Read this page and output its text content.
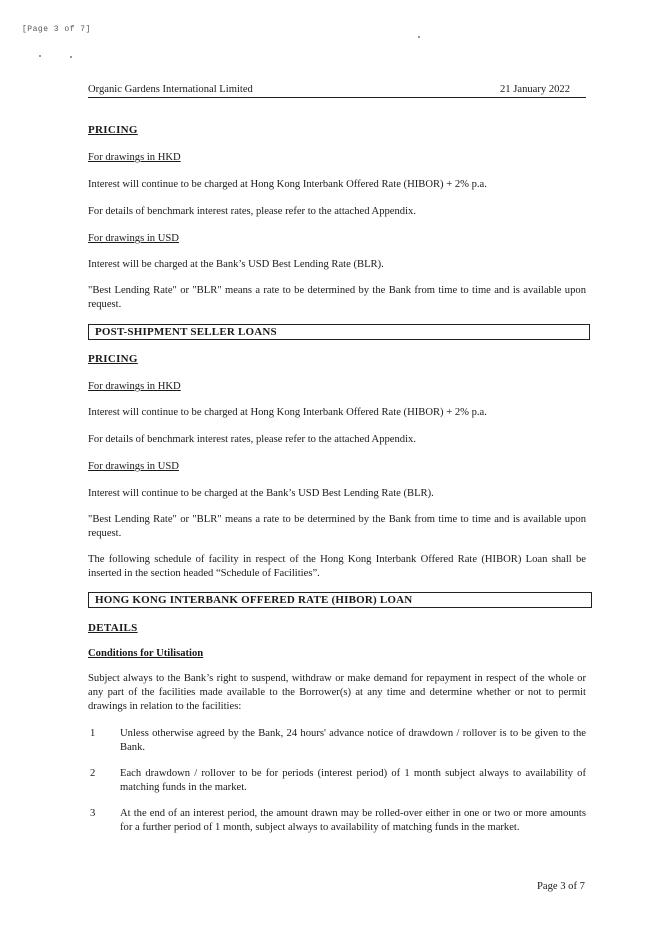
[Page 3 of 7]
Organic Gardens International Limited	21 January 2022
PRICING
For drawings in HKD
Interest will continue to be charged at Hong Kong Interbank Offered Rate (HIBOR) + 2% p.a.
For details of benchmark interest rates, please refer to the attached Appendix.
For drawings in USD
Interest will be charged at the Bank’s USD Best Lending Rate (BLR).
"Best Lending Rate" or "BLR" means a rate to be determined by the Bank from time to time and is available upon request.
POST-SHIPMENT SELLER LOANS
PRICING
For drawings in HKD
Interest will continue to be charged at Hong Kong Interbank Offered Rate (HIBOR) + 2% p.a.
For details of benchmark interest rates, please refer to the attached Appendix.
For drawings in USD
Interest will continue to be charged at the Bank’s USD Best Lending Rate (BLR).
"Best Lending Rate" or "BLR" means a rate to be determined by the Bank from time to time and is available upon request.
The following schedule of facility in respect of the Hong Kong Interbank Offered Rate (HIBOR) Loan shall be inserted in the section headed “Schedule of Facilities”.
HONG KONG INTERBANK OFFERED RATE (HIBOR) LOAN
DETAILS
Conditions for Utilisation
Subject always to the Bank’s right to suspend, withdraw or make demand for repayment in respect of the whole or any part of the facilities made available to the Borrower(s) at any time and determine whether or not to permit drawings in relation to the facilities:
1 Unless otherwise agreed by the Bank, 24 hours' advance notice of drawdown / rollover is to be given to the Bank.
2 Each drawdown / rollover to be for periods (interest period) of 1 month subject always to availability of matching funds in the market.
3 At the end of an interest period, the amount drawn may be rolled-over either in one or two or more amounts for a further period of 1 month, subject always to availability of matching funds in the market.
Page 3 of 7
